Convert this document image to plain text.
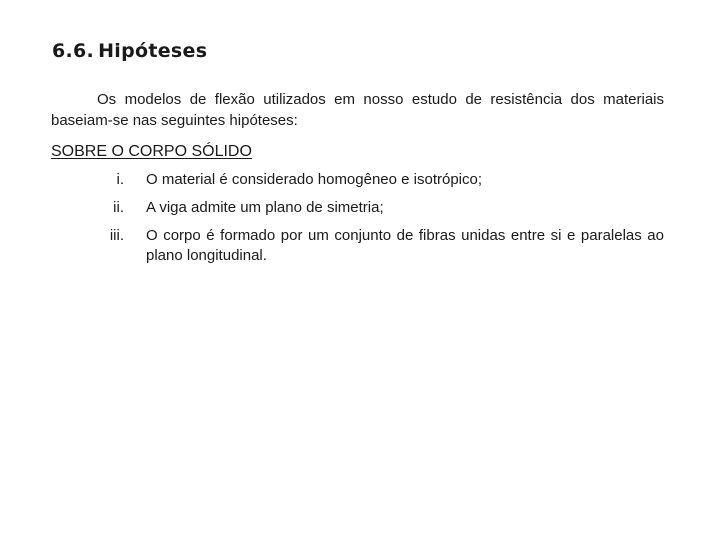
6.6. Hipóteses

Os modelos de flexão utilizados em nosso estudo de resistência dos materiais baseiam-se nas seguintes hipóteses:

SOBRE O CORPO SÓLIDO
i. O material é considerado homogêneo e isotrópico;
ii. A viga admite um plano de simetria;
iii. O corpo é formado por um conjunto de fibras unidas entre si e paralelas ao plano longitudinal.
